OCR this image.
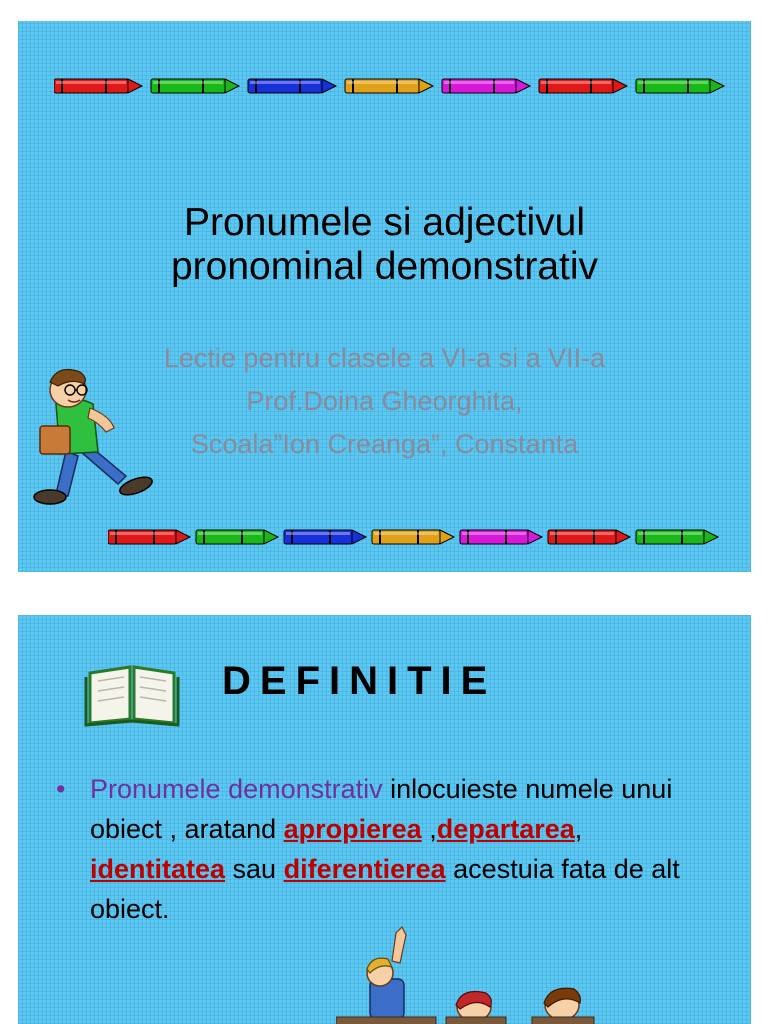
Pronumele si adjectivul
pronominal demonstrativ
Lectie pentru clasele a VI-a si a VII-a
Prof.Doina Gheorghita,
Scoala”Ion Creanga”, Constanta
DEFINITIE
• Pronumele demonstrativ inlocuieste numele unui obiect , aratand apropierea ,departarea, identitatea sau diferentierea acestuia fata de alt obiect.
